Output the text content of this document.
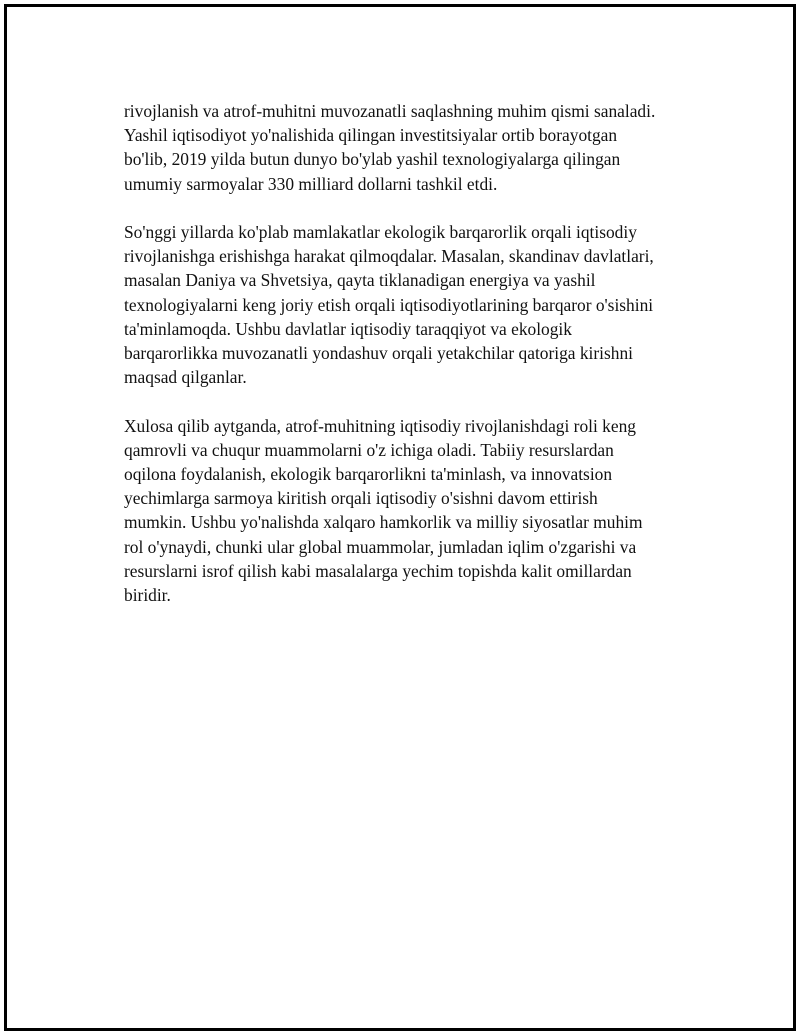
rivojlanish va atrof-muhitni muvozanatli saqlashning muhim qismi sanaladi.
Yashil iqtisodiyot yo'nalishida qilingan investitsiyalar ortib borayotgan
bo'lib, 2019 yilda butun dunyo bo'ylab yashil texnologiyalarga qilingan
umumiy sarmoyalar 330 milliard dollarni tashkil etdi.

So'nggi yillarda ko'plab mamlakatlar ekologik barqarorlik orqali iqtisodiy
rivojlanishga erishishga harakat qilmoqdalar. Masalan, skandinav davlatlari,
masalan Daniya va Shvetsiya, qayta tiklanadigan energiya va yashil
texnologiyalarni keng joriy etish orqali iqtisodiyotlarining barqaror o'sishini
ta'minlamoqda. Ushbu davlatlar iqtisodiy taraqqiyot va ekologik
barqarorlikka muvozanatli yondashuv orqali yetakchilar qatoriga kirishni
maqsad qilganlar.

Xulosa qilib aytganda, atrof-muhitning iqtisodiy rivojlanishdagi roli keng
qamrovli va chuqur muammolarni o'z ichiga oladi. Tabiiy resurslardan
oqilona foydalanish, ekologik barqarorlikni ta'minlash, va innovatsion
yechimlarga sarmoya kiritish orqali iqtisodiy o'sishni davom ettirish
mumkin. Ushbu yo'nalishda xalqaro hamkorlik va milliy siyosatlar muhim
rol o'ynaydi, chunki ular global muammolar, jumladan iqlim o'zgarishi va
resurslarni isrof qilish kabi masalalarga yechim topishda kalit omillardan
biridir.
